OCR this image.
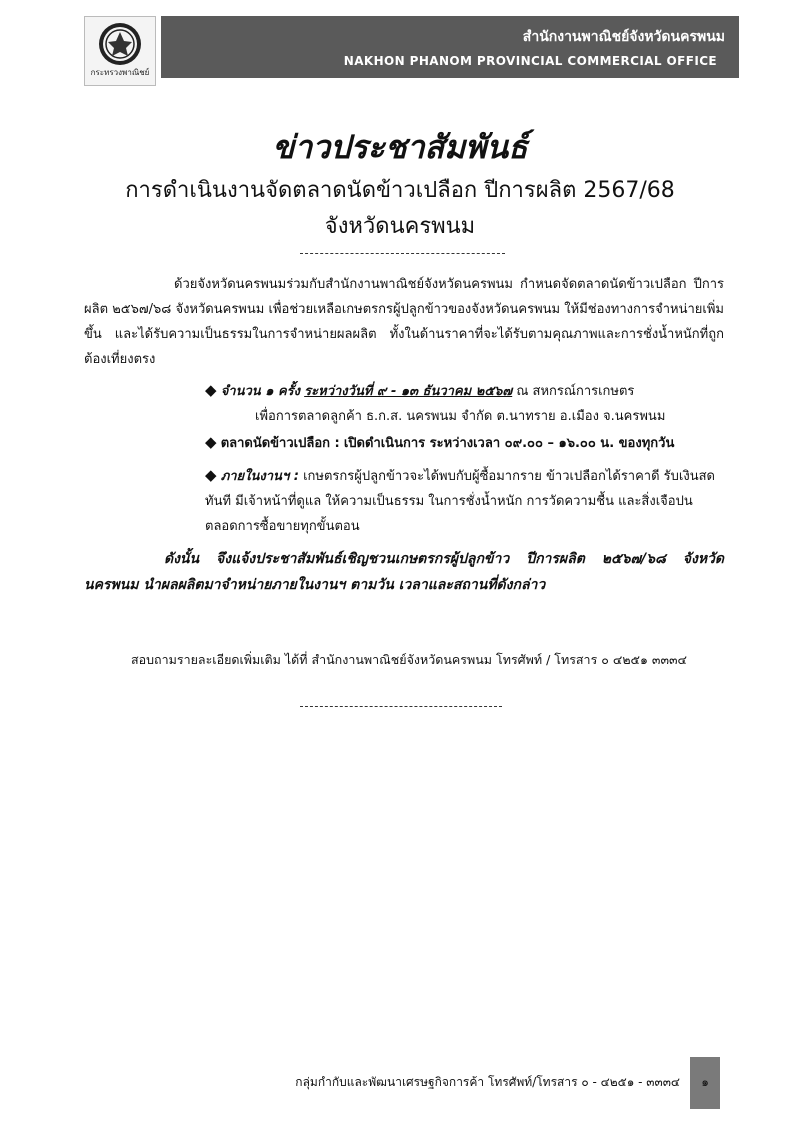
กระทรวงพาณิชย์
สำนักงานพาณิชย์จังหวัดนครพนม
NAKHON PHANOM PROVINCIAL COMMERCIAL OFFICE
ข่าวประชาสัมพันธ์
การดำเนินงานจัดตลาดนัดข้าวเปลือก ปีการผลิต 2567/68
จังหวัดนครพนม
ด้วยจังหวัดนครพนมร่วมกับสำนักงานพาณิชย์จังหวัดนครพนม กำหนดจัดตลาดนัดข้าวเปลือก ปีการผลิต ๒๕๖๗/๖๘ จังหวัดนครพนม เพื่อช่วยเหลือเกษตรกรผู้ปลูกข้าวของจังหวัดนครพนม ให้มีช่องทางการจำหน่ายเพิ่มขึ้น และได้รับความเป็นธรรมในการจำหน่ายผลผลิต ทั้งในด้านราคาที่จะได้รับตามคุณภาพและการชั่งน้ำหนักที่ถูกต้องเที่ยงตรง
◆ จำนวน ๑ ครั้ง ระหว่างวันที่ ๙ - ๑๓ ธันวาคม ๒๕๖๗ ณ สหกรณ์การเกษตร
เพื่อการตลาดลูกค้า ธ.ก.ส. นครพนม จำกัด ต.นาทราย อ.เมือง จ.นครพนม
◆ ตลาดนัดข้าวเปลือก : เปิดดำเนินการ ระหว่างเวลา ๐๙.๐๐ – ๑๖.๐๐ น. ของทุกวัน
◆ ภายในงานฯ : เกษตรกรผู้ปลูกข้าวจะได้พบกับผู้ซื้อมากราย ข้าวเปลือกได้ราคาดี รับเงินสดทันที มีเจ้าหน้าที่ดูแล ให้ความเป็นธรรม ในการชั่งน้ำหนัก การวัดความชื้น และสิ่งเจือปนตลอดการซื้อขายทุกขั้นตอน
ดังนั้น จึงแจ้งประชาสัมพันธ์เชิญชวนเกษตรกรผู้ปลูกข้าว ปีการผลิต ๒๕๖๗/๖๘ จังหวัดนครพนม นำผลผลิตมาจำหน่ายภายในงานฯ ตามวัน เวลาและสถานที่ดังกล่าว
สอบถามรายละเอียดเพิ่มเติม ได้ที่ สำนักงานพาณิชย์จังหวัดนครพนม โทรศัพท์ / โทรสาร ๐ ๔๒๕๑ ๓๓๓๔
กลุ่มกำกับและพัฒนาเศรษฐกิจการค้า โทรศัพท์/โทรสาร ๐ - ๔๒๕๑ - ๓๓๓๔	๑
